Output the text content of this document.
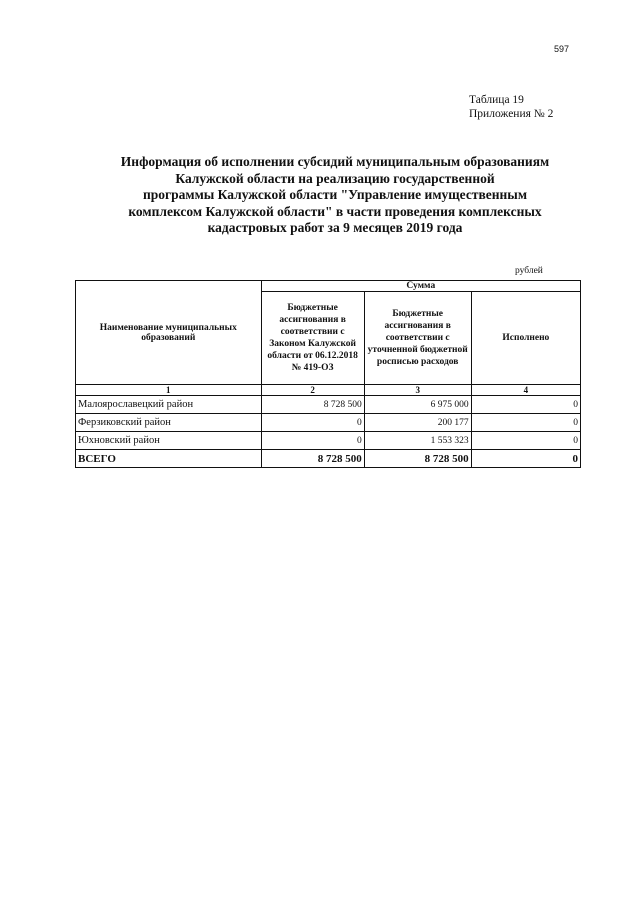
597
Таблица 19
Приложения № 2
Информация об исполнении субсидий муниципальным образованиям
Калужской области на реализацию государственной
программы Калужской области "Управление имущественным
комплексом Калужской области" в части проведения комплексных
кадастровых работ за 9 месяцев 2019 года
рублей
Наименование муниципальных образований	Сумма		
	Бюджетные ассигнования в соответствии с Законом Калужской области от 06.12.2018 № 419-ОЗ	Бюджетные ассигнования в соответствии с уточненной бюджетной росписью расходов	Исполнено
1	2	3	4
Малоярославецкий район	8 728 500	6 975 000	0
Ферзиковский район	0	200 177	0
Юхновский район	0	1 553 323	0
ВСЕГО	8 728 500	8 728 500	0
